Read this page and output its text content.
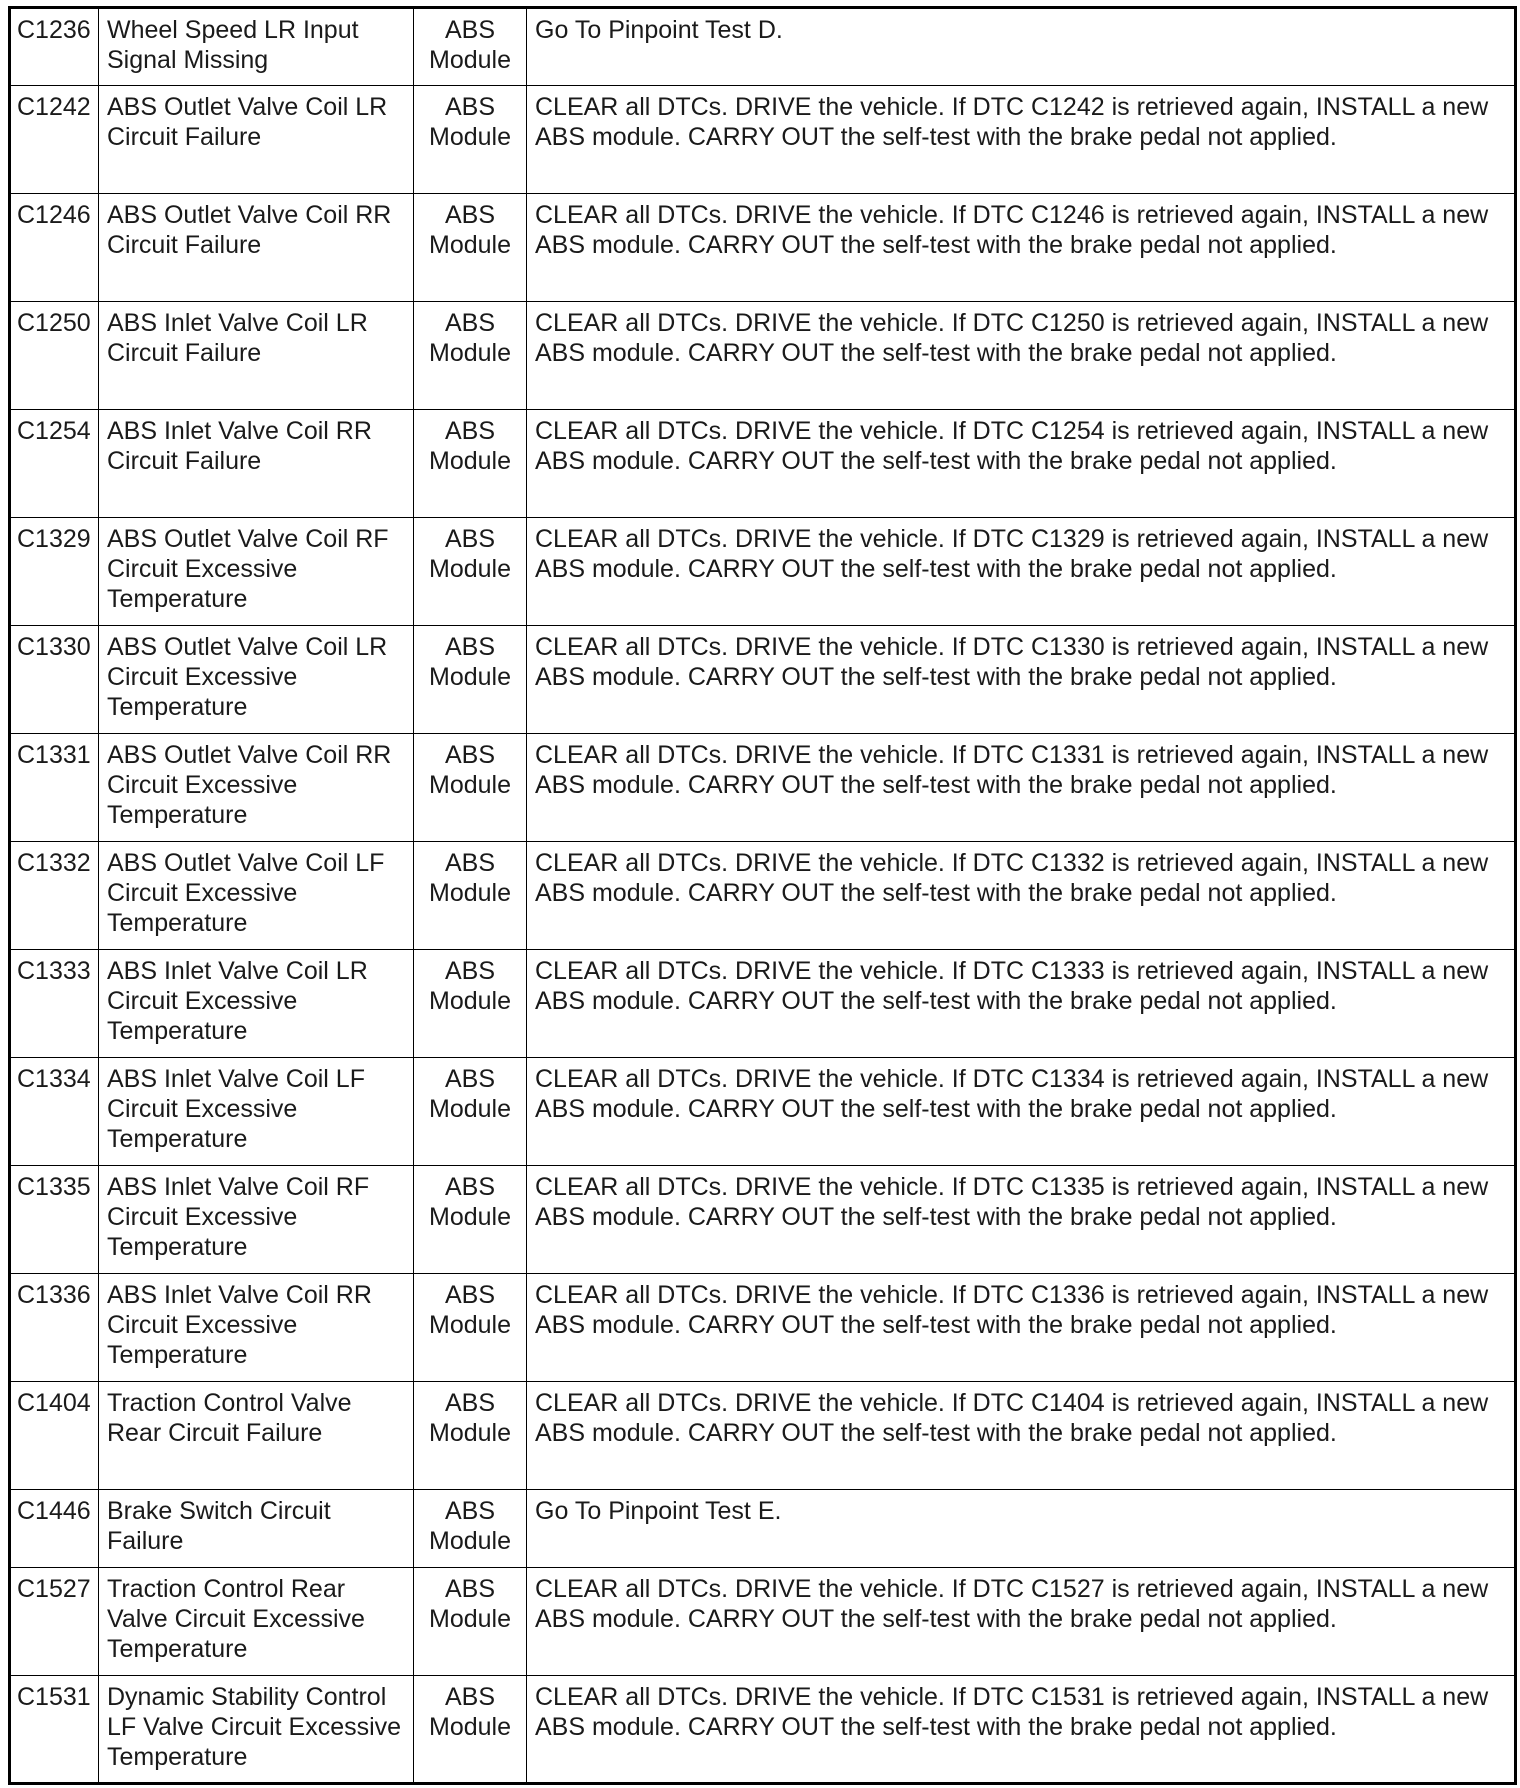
C1236	Wheel Speed LR Input Signal Missing	ABS Module	Go To Pinpoint Test D.

C1242	ABS Outlet Valve Coil LR Circuit Failure	ABS Module	CLEAR all DTCs. DRIVE the vehicle. If DTC C1242 is retrieved again, INSTALL a new ABS module. CARRY OUT the self-test with the brake pedal not applied.

C1246	ABS Outlet Valve Coil RR Circuit Failure	ABS Module	CLEAR all DTCs. DRIVE the vehicle. If DTC C1246 is retrieved again, INSTALL a new ABS module. CARRY OUT the self-test with the brake pedal not applied.

C1250	ABS Inlet Valve Coil LR Circuit Failure	ABS Module	CLEAR all DTCs. DRIVE the vehicle. If DTC C1250 is retrieved again, INSTALL a new ABS module. CARRY OUT the self-test with the brake pedal not applied.

C1254	ABS Inlet Valve Coil RR Circuit Failure	ABS Module	CLEAR all DTCs. DRIVE the vehicle. If DTC C1254 is retrieved again, INSTALL a new ABS module. CARRY OUT the self-test with the brake pedal not applied.

C1329	ABS Outlet Valve Coil RF Circuit Excessive Temperature	ABS Module	CLEAR all DTCs. DRIVE the vehicle. If DTC C1329 is retrieved again, INSTALL a new ABS module. CARRY OUT the self-test with the brake pedal not applied.

C1330	ABS Outlet Valve Coil LR Circuit Excessive Temperature	ABS Module	CLEAR all DTCs. DRIVE the vehicle. If DTC C1330 is retrieved again, INSTALL a new ABS module. CARRY OUT the self-test with the brake pedal not applied.

C1331	ABS Outlet Valve Coil RR Circuit Excessive Temperature	ABS Module	CLEAR all DTCs. DRIVE the vehicle. If DTC C1331 is retrieved again, INSTALL a new ABS module. CARRY OUT the self-test with the brake pedal not applied.

C1332	ABS Outlet Valve Coil LF Circuit Excessive Temperature	ABS Module	CLEAR all DTCs. DRIVE the vehicle. If DTC C1332 is retrieved again, INSTALL a new ABS module. CARRY OUT the self-test with the brake pedal not applied.

C1333	ABS Inlet Valve Coil LR Circuit Excessive Temperature	ABS Module	CLEAR all DTCs. DRIVE the vehicle. If DTC C1333 is retrieved again, INSTALL a new ABS module. CARRY OUT the self-test with the brake pedal not applied.

C1334	ABS Inlet Valve Coil LF Circuit Excessive Temperature	ABS Module	CLEAR all DTCs. DRIVE the vehicle. If DTC C1334 is retrieved again, INSTALL a new ABS module. CARRY OUT the self-test with the brake pedal not applied.

C1335	ABS Inlet Valve Coil RF Circuit Excessive Temperature	ABS Module	CLEAR all DTCs. DRIVE the vehicle. If DTC C1335 is retrieved again, INSTALL a new ABS module. CARRY OUT the self-test with the brake pedal not applied.

C1336	ABS Inlet Valve Coil RR Circuit Excessive Temperature	ABS Module	CLEAR all DTCs. DRIVE the vehicle. If DTC C1336 is retrieved again, INSTALL a new ABS module. CARRY OUT the self-test with the brake pedal not applied.

C1404	Traction Control Valve Rear Circuit Failure	ABS Module	CLEAR all DTCs. DRIVE the vehicle. If DTC C1404 is retrieved again, INSTALL a new ABS module. CARRY OUT the self-test with the brake pedal not applied.

C1446	Brake Switch Circuit Failure	ABS Module	Go To Pinpoint Test E.

C1527	Traction Control Rear Valve Circuit Excessive Temperature	ABS Module	CLEAR all DTCs. DRIVE the vehicle. If DTC C1527 is retrieved again, INSTALL a new ABS module. CARRY OUT the self-test with the brake pedal not applied.

C1531	Dynamic Stability Control LF Valve Circuit Excessive Temperature	ABS Module	CLEAR all DTCs. DRIVE the vehicle. If DTC C1531 is retrieved again, INSTALL a new ABS module. CARRY OUT the self-test with the brake pedal not applied.
